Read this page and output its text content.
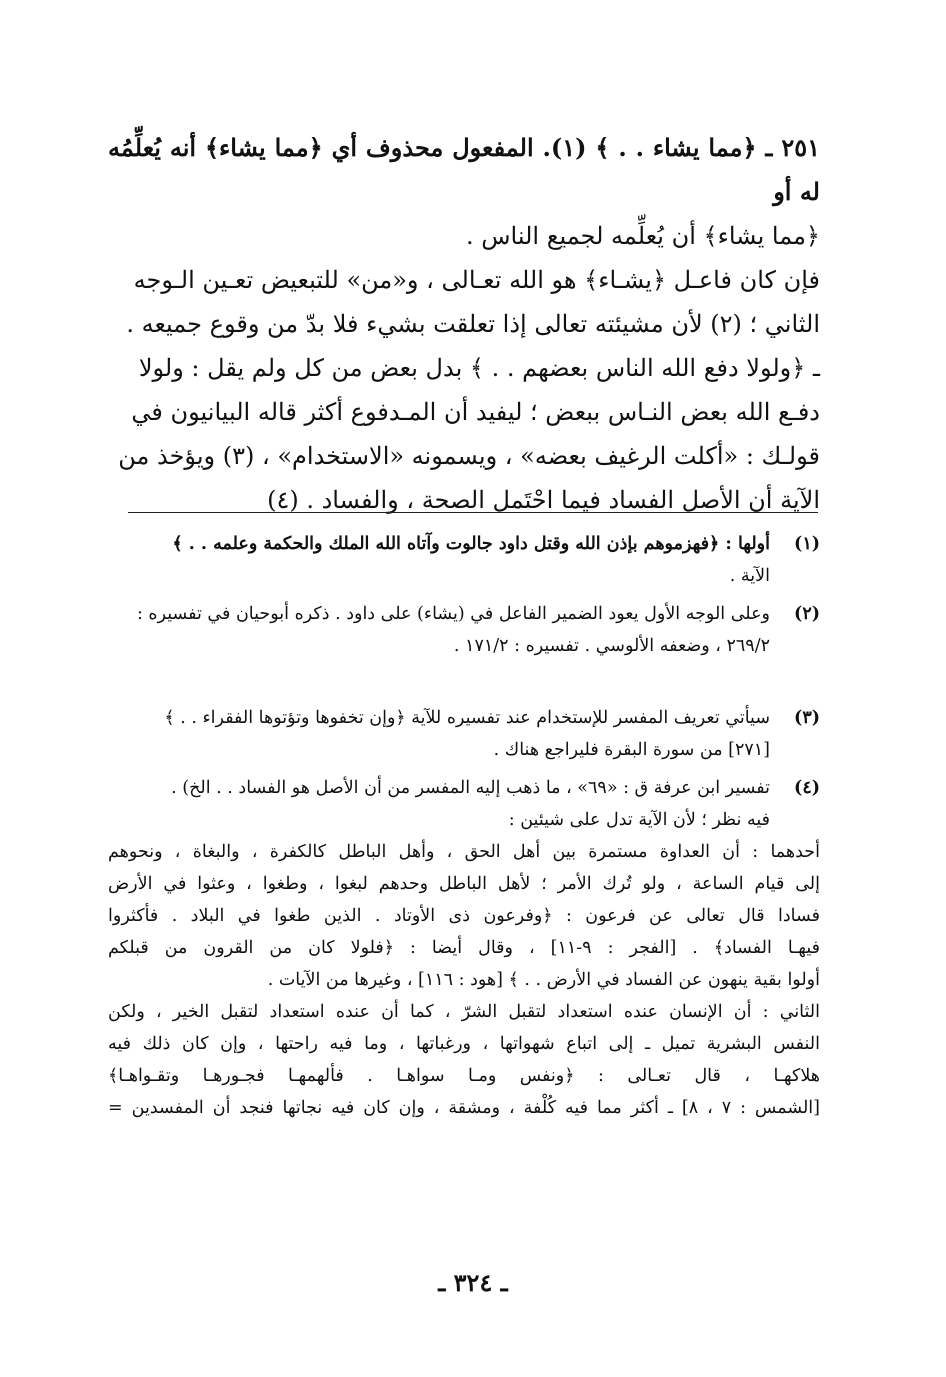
٢٥١ ـ ﴿مما يشاء . . ﴾ (١). المفعول محذوف أي ﴿مما يشاء﴾ أنه يُعلِّمُه له أو

﴿مما يشاء﴾ أن يُعلِّمه لجميع الناس .

فإن كان فاعـل ﴿يشـاء﴾ هو الله تعـالى ، و«من» للتبعيض تعـين الـوجه

الثاني ؛ (٢) لأن مشيئته تعالى إذا تعلقت بشيء فلا بدّ من وقوع جميعه .

ـ ﴿ولولا دفع الله الناس بعضهم . . ﴾ بدل بعض من كل ولم يقل : ولولا

دفـع الله بعض النـاس ببعض ؛ ليفيد أن المـدفوع أكثر قاله البيانيون في

قولـك : «أكلت الرغيف بعضه» ، ويسمونه «الاستخدام» ، (٣) ويؤخذ من

الآية أن الأصل الفساد فيما احْتَمل الصحة ، والفساد . (٤)

(١)
أولها : ﴿فهزموهم بإذن الله وقتل داود جالوت وآتاه الله الملك والحكمة وعلمه . . ﴾
الآية .
(٢)
وعلى الوجه الأول يعود الضمير الفاعل في (يشاء) على داود . ذكره أبوحيان في تفسيره :
٢٦٩/٢ ، وضعفه الألوسي . تفسيره : ١٧١/٢ .
(٣)
سيأتي تعريف المفسر للإستخدام عند تفسيره للآية ﴿وإن تخفوها وتؤتوها الفقراء . . ﴾
[٢٧١] من سورة البقرة فليراجع هناك .
(٤)
تفسير ابن عرفة ق : «٦٩» ، ما ذهب إليه المفسر من أن الأصل هو الفساد . . الخ) .
فيه نظر ؛ لأن الآية تدل على شيئين :
أحدهما : أن العداوة مستمرة بين أهل الحق ، وأهل الباطل كالكفرة ، والبغاة ، ونحوهم
إلى قيام الساعة ، ولو تُرك الأمر ؛ لأهل الباطل وحدهم لبغوا ، وطغوا ، وعثوا في الأرض
فسادا قال تعالى عن فرعون : ﴿وفرعون ذى الأوتاد . الذين طغوا في البلاد . فأكثروا
فيهـا الفساد﴾ . [الفجر : ٩-١١] ، وقال أيضا : ﴿فلولا كان من القرون من قبلكم
أولوا بقية ينهون عن الفساد في الأرض . . ﴾ [هود : ١١٦] ، وغيرها من الآيات .
الثاني : أن الإنسان عنده استعداد لتقبل الشرّ ، كما أن عنده استعداد لتقبل الخير ، ولكن
النفس البشرية تميل ـ إلى اتباع شهواتها ، ورغباتها ، وما فيه راحتها ، وإن كان ذلك فيه
هلاكهـا ، قال تعـالى : ﴿ونفس ومـا سواهـا . فألهمهـا فجـورهـا وتقـواهـا﴾
[الشمس : ٧ ، ٨] ـ أكثر مما فيه كُلْفة ، ومشقة ، وإن كان فيه نجاتها فنجد أن المفسدين =
ـ ٣٢٤ ـ
